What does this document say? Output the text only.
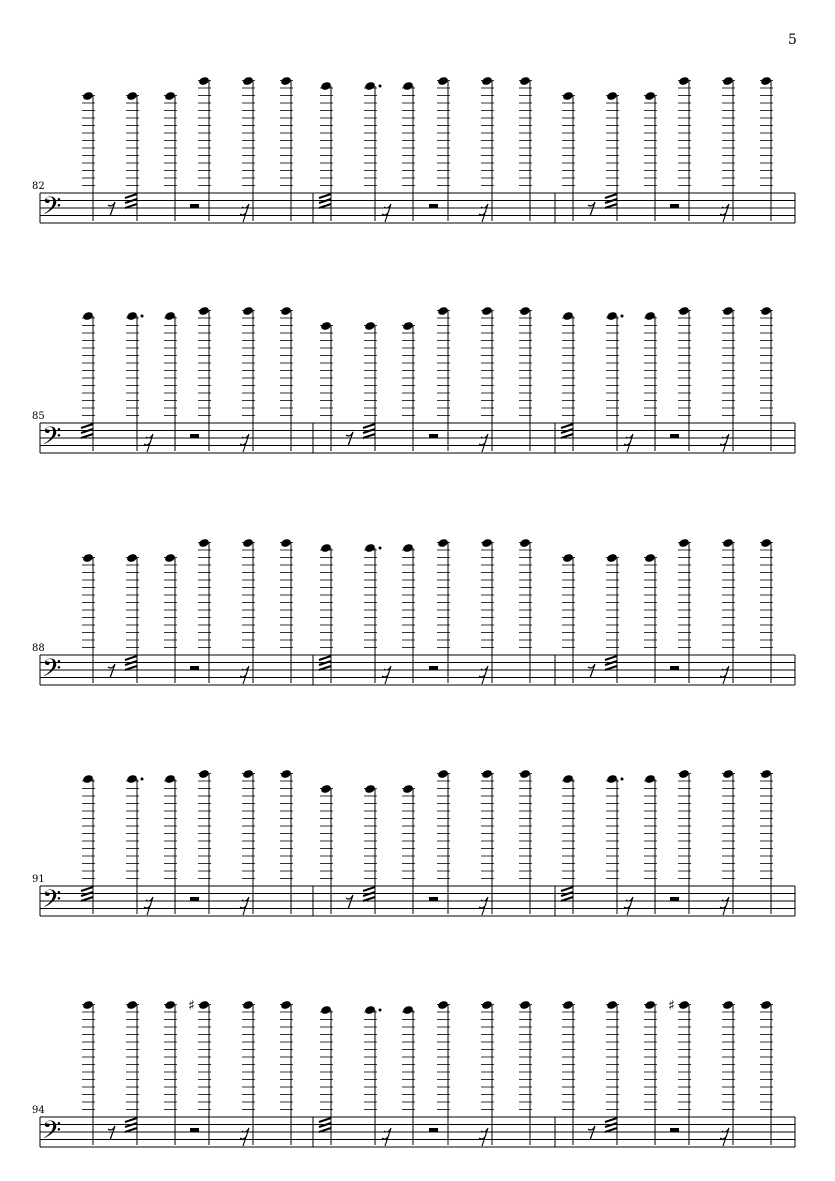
5
82
𝄢
85
𝄢
88
𝄢
91
𝄢
94
𝄢
♯	♯
